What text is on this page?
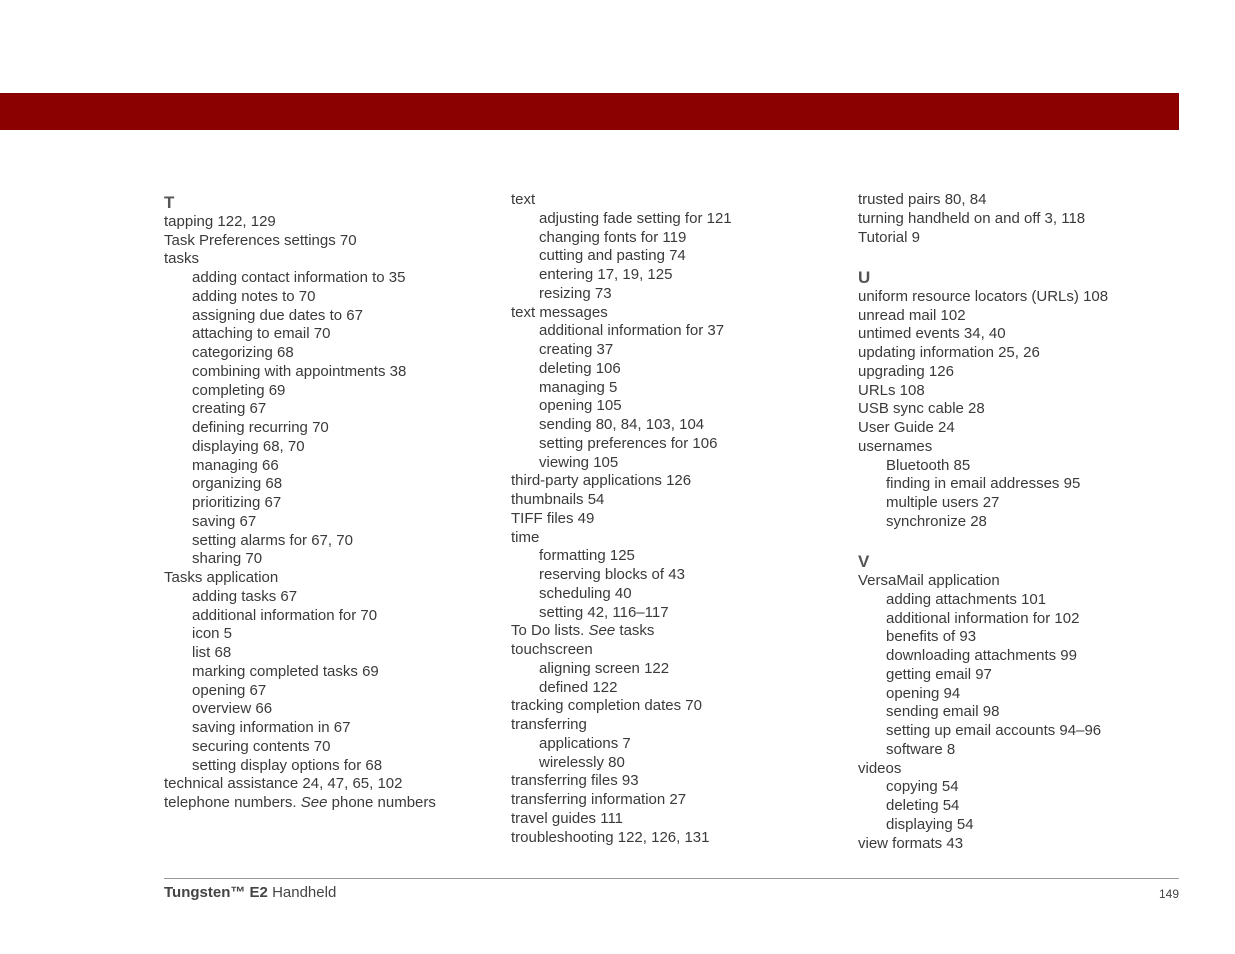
T
tapping 122, 129
Task Preferences settings 70
tasks
adding contact information to 35
adding notes to 70
assigning due dates to 67
attaching to email 70
categorizing 68
combining with appointments 38
completing 69
creating 67
defining recurring 70
displaying 68, 70
managing 66
organizing 68
prioritizing 67
saving 67
setting alarms for 67, 70
sharing 70
Tasks application
adding tasks 67
additional information for 70
icon 5
list 68
marking completed tasks 69
opening 67
overview 66
saving information in 67
securing contents 70
setting display options for 68
technical assistance 24, 47, 65, 102
telephone numbers. See phone numbers
text
adjusting fade setting for 121
changing fonts for 119
cutting and pasting 74
entering 17, 19, 125
resizing 73
text messages
additional information for 37
creating 37
deleting 106
managing 5
opening 105
sending 80, 84, 103, 104
setting preferences for 106
viewing 105
third-party applications 126
thumbnails 54
TIFF files 49
time
formatting 125
reserving blocks of 43
scheduling 40
setting 42, 116–117
To Do lists. See tasks
touchscreen
aligning screen 122
defined 122
tracking completion dates 70
transferring
applications 7
wirelessly 80
transferring files 93
transferring information 27
travel guides 111
troubleshooting 122, 126, 131
trusted pairs 80, 84
turning handheld on and off 3, 118
Tutorial 9
U
uniform resource locators (URLs) 108
unread mail 102
untimed events 34, 40
updating information 25, 26
upgrading 126
URLs 108
USB sync cable 28
User Guide 24
usernames
Bluetooth 85
finding in email addresses 95
multiple users 27
synchronize 28
V
VersaMail application
adding attachments 101
additional information for 102
benefits of 93
downloading attachments 99
getting email 97
opening 94
sending email 98
setting up email accounts 94–96
software 8
videos
copying 54
deleting 54
displaying 54
view formats 43
Tungsten™ E2 Handheld	149
